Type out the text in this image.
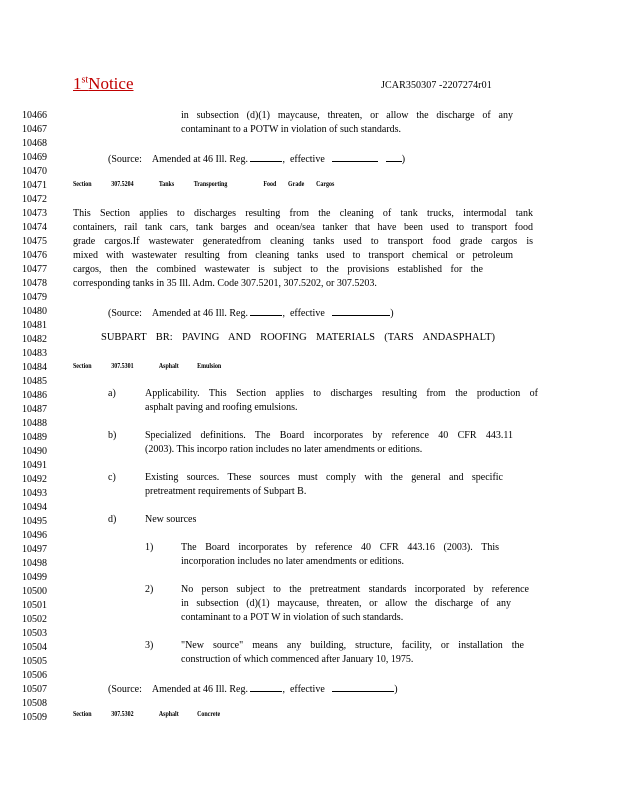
1stNotice	JCAR350307 -2207274r01
10466
10467
10468
10469
10470
10471
10472
10473
10474
10475
10476
10477
10478
10479
10480
10481
10482
10483
10484
10485
10486
10487
10488
10489
10490
10491
10492
10493
10494
10495
10496
10497
10498
10499
10500
10501
10502
10503
10504
10505
10506
10507
10508
10509
in subsection (d)(1) maycause, threaten, or allow the discharge of any
contaminant to a POTW in violation of such standards.
(Source: Amended at 46 Ill. Reg.	, effective	)
Section	307.5204	Tanks	Transporting	Food Grade Cargos
This Section applies to discharges resulting from the cleaning of tank trucks, intermodal tank
containers, rail tank cars, tank barges and ocean/sea tanker that have been used to transport food
grade cargos.If wastewater generatedfrom cleaning tanks used to transport food grade cargos is
mixed with wastewater resulting from cleaning tanks used to transport chemical or petroleum
cargos, then the combined wastewater is subject to the provisions established for the
corresponding tanks in 35 Ill. Adm. Code 307.5201, 307.5202, or 307.5203.
(Source: Amended at 46 Ill. Reg.	, effective	)
SUBPART BR: PAVING AND ROOFING MATERIALS (TARS ANDASPHALT)
Section	307.5301	Asphalt	Emulsion
a)	Applicability. This Section applies to discharges resulting from the production of
asphalt paving and roofing emulsions.
b)	Specialized definitions. The Board incorporates by reference 40 CFR 443.11
(2003). This incorpo ration includes no later amendments or editions.
c)	Existing sources. These sources must comply with the general and specific
pretreatment requirements of Subpart B.
d)	New sources
1)	The Board incorporates by reference 40 CFR 443.16 (2003). This
incorporation includes no later amendments or editions.
2)	No person subject to the pretreatment standards incorporated by reference
in subsection (d)(1) maycause, threaten, or allow the discharge of any
contaminant to a POT W in violation of such standards.
3)	"New source" means any building, structure, facility, or installation the
construction of which commenced after January 10, 1975.
(Source: Amended at 46 Ill. Reg.	, effective	)
Section	307.5302	Asphalt	Concrete
